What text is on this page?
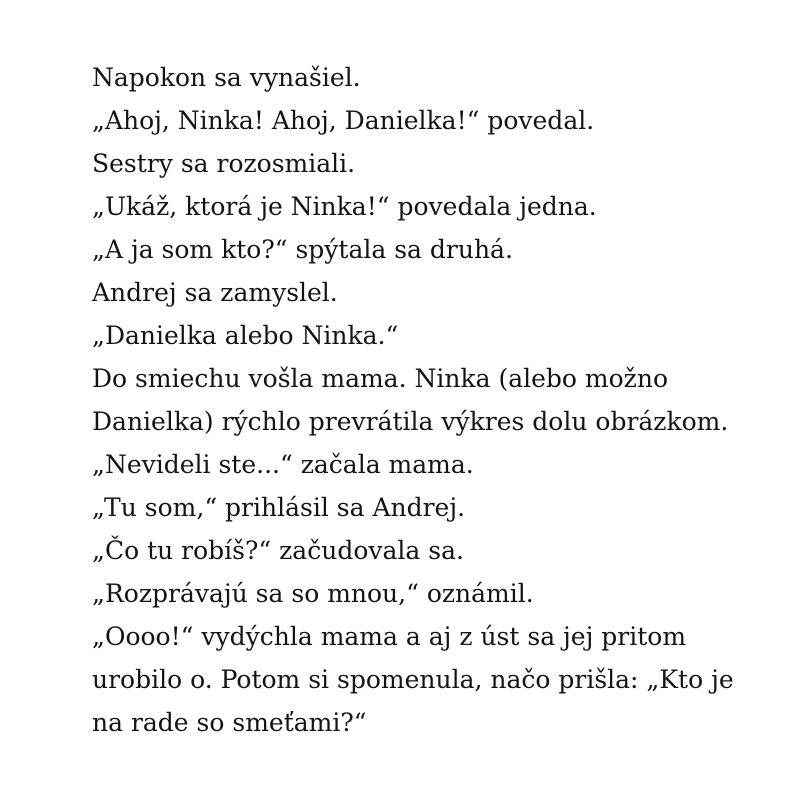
Napokon sa vynašiel.

„Ahoj, Ninka! Ahoj, Danielka!“ povedal.

Sestry sa rozosmiali.

„Ukáž, ktorá je Ninka!“ povedala jedna.

„A ja som kto?“ spýtala sa druhá.

Andrej sa zamyslel.

„Danielka alebo Ninka.“

Do smiechu vošla mama. Ninka (alebo možno
Danielka) rýchlo prevrátila výkres dolu obrázkom.

„Nevideli ste...“ začala mama.

„Tu som,“ prihlásil sa Andrej.

„Čo tu robíš?“ začudovala sa.

„Rozprávajú sa so mnou,“ oznámil.

„Oooo!“ vydýchla mama a aj z úst sa jej pritom
urobilo o. Potom si spomenula, načo prišla: „Kto je
na rade so smeťami?“
